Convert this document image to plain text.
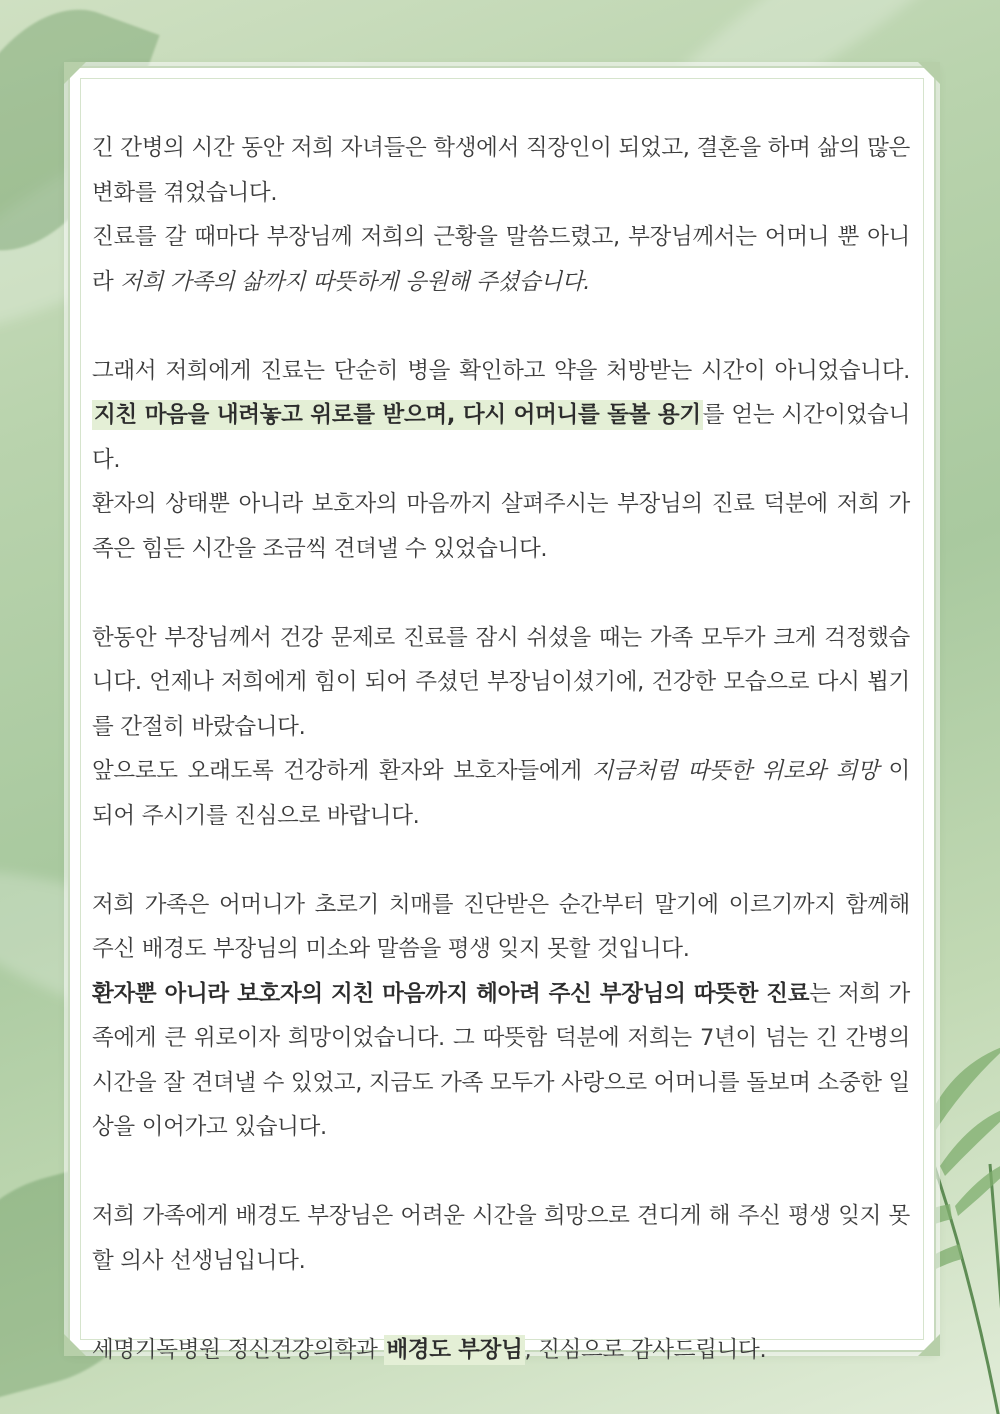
긴 간병의 시간 동안 저희 자녀들은 학생에서 직장인이 되었고, 결혼을 하며 삶의 많은 변화를 겪었습니다.

진료를 갈 때마다 부장님께 저희의 근황을 말씀드렸고, 부장님께서는 어머니 뿐 아니라 저희 가족의 삶까지 따뜻하게 응원해 주셨습니다.

그래서 저희에게 진료는 단순히 병을 확인하고 약을 처방받는 시간이 아니었습니다. 지친 마음을 내려놓고 위로를 받으며, 다시 어머니를 돌볼 용기를 얻는 시간이었습니다.

환자의 상태뿐 아니라 보호자의 마음까지 살펴주시는 부장님의 진료 덕분에 저희 가족은 힘든 시간을 조금씩 견뎌낼 수 있었습니다.

한동안 부장님께서 건강 문제로 진료를 잠시 쉬셨을 때는 가족 모두가 크게 걱정했습니다. 언제나 저희에게 힘이 되어 주셨던 부장님이셨기에, 건강한 모습으로 다시 뵙기를 간절히 바랐습니다.

앞으로도 오래도록 건강하게 환자와 보호자들에게 지금처럼 따뜻한 위로와 희망 이 되어 주시기를 진심으로 바랍니다.

저희 가족은 어머니가 초로기 치매를 진단받은 순간부터 말기에 이르기까지 함께해 주신 배경도 부장님의 미소와 말씀을 평생 잊지 못할 것입니다.

환자뿐 아니라 보호자의 지친 마음까지 헤아려 주신 부장님의 따뜻한 진료는 저희 가족에게 큰 위로이자 희망이었습니다. 그 따뜻함 덕분에 저희는 7년이 넘는 긴 간병의 시간을 잘 견뎌낼 수 있었고, 지금도 가족 모두가 사랑으로 어머니를 돌보며 소중한 일상을 이어가고 있습니다.

저희 가족에게 배경도 부장님은 어려운 시간을 희망으로 견디게 해 주신 평생 잊지 못할 의사 선생님입니다.

세명기독병원 정신건강의학과 배경도 부장님, 진심으로 감사드립니다.
